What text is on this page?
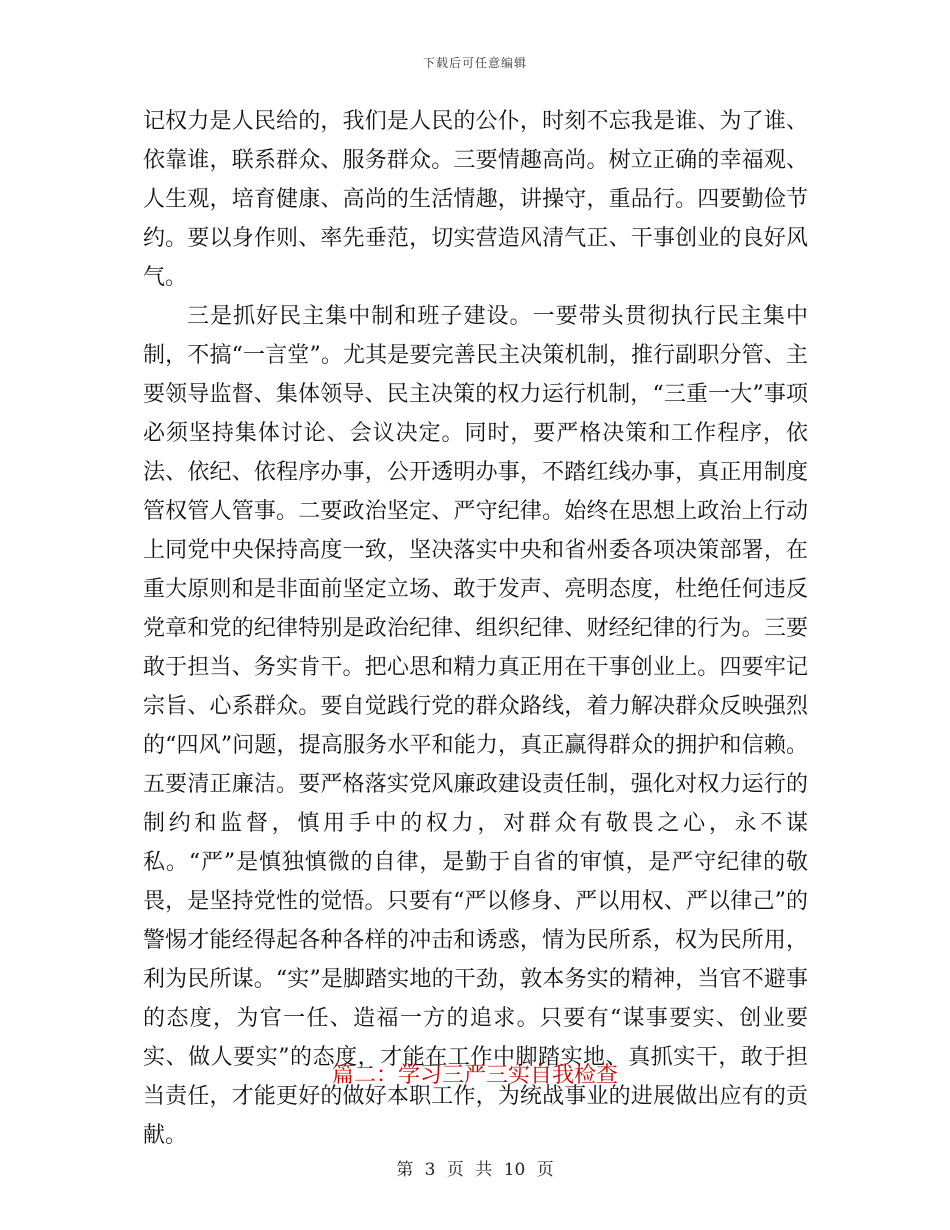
下载后可任意编辑

记权力是人民给的，我们是人民的公仆，时刻不忘我是谁、为了谁、依靠谁，联系群众、服务群众。三要情趣高尚。树立正确的幸福观、人生观，培育健康、高尚的生活情趣，讲操守，重品行。四要勤俭节约。要以身作则、率先垂范，切实营造风清气正、干事创业的良好风气。

三是抓好民主集中制和班子建设。一要带头贯彻执行民主集中制，不搞“一言堂”。尤其是要完善民主决策机制，推行副职分管、主要领导监督、集体领导、民主决策的权力运行机制，“三重一大”事项必须坚持集体讨论、会议决定。同时，要严格决策和工作程序，依法、依纪、依程序办事，公开透明办事，不踏红线办事，真正用制度管权管人管事。二要政治坚定、严守纪律。始终在思想上政治上行动上同党中央保持高度一致，坚决落实中央和省州委各项决策部署，在重大原则和是非面前坚定立场、敢于发声、亮明态度，杜绝任何违反党章和党的纪律特别是政治纪律、组织纪律、财经纪律的行为。三要敢于担当、务实肯干。把心思和精力真正用在干事创业上。四要牢记宗旨、心系群众。要自觉践行党的群众路线，着力解决群众反映强烈的“四风”问题，提高服务水平和能力，真正赢得群众的拥护和信赖。五要清正廉洁。要严格落实党风廉政建设责任制，强化对权力运行的制约和监督，慎用手中的权力，对群众有敬畏之心，永不谋私。“严”是慎独慎微的自律，是勤于自省的审慎，是严守纪律的敬畏，是坚持党性的觉悟。只要有“严以修身、严以用权、严以律己”的警惕才能经得起各种各样的冲击和诱惑，情为民所系，权为民所用，利为民所谋。“实”是脚踏实地的干劲，敦本务实的精神，当官不避事的态度，为官一任、造福一方的追求。只要有“谋事要实、创业要实、做人要实”的态度，才能在工作中脚踏实地、真抓实干，敢于担当责任，才能更好的做好本职工作，为统战事业的进展做出应有的贡献。

篇二：学习三严三实自我检查
第 3 页 共 10 页
